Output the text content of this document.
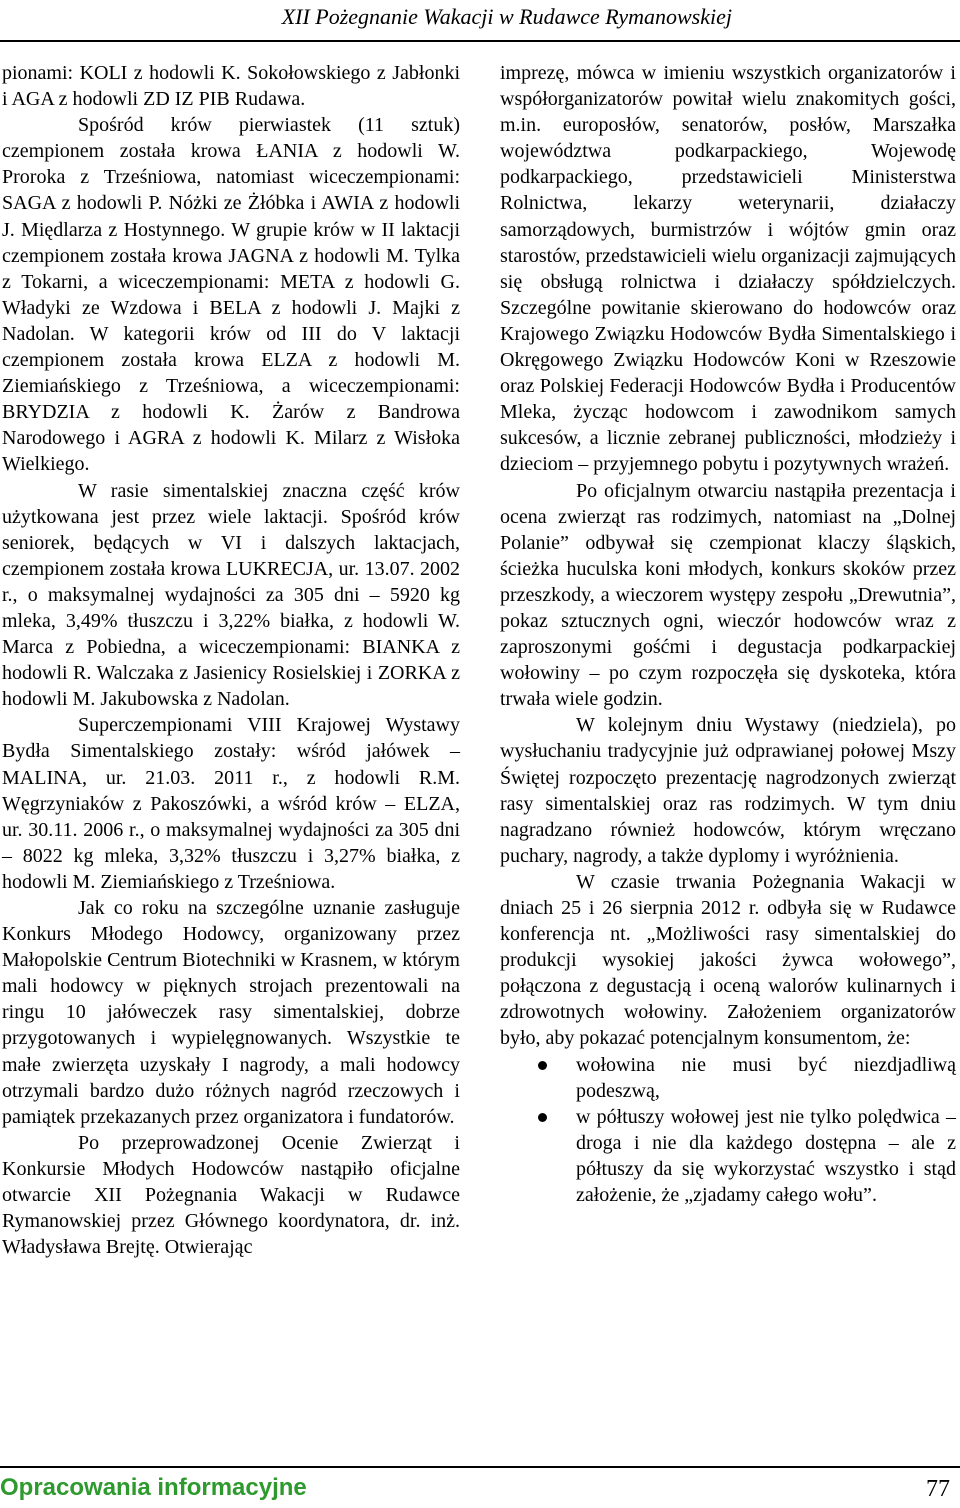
XII Pożegnanie Wakacji w Rudawce Rymanowskiej

pionami: KOLI z hodowli K. Sokołowskiego z Jabłonki i AGA z hodowli ZD IZ PIB Rudawa.

Spośród krów pierwiastek (11 sztuk) czempionem została krowa ŁANIA z hodowli W. Proroka z Trześniowa, natomiast wiceczempionami: SAGA z hodowli P. Nóżki ze Żłóbka i AWIA z hodowli J. Międlarza z Hostynnego. W grupie krów w II laktacji czempionem została krowa JAGNA z hodowli M. Tylka z Tokarni, a wiceczempionami: META z hodowli G. Władyki ze Wzdowa i BELA z hodowli J. Majki z Nadolan. W kategorii krów od III do V laktacji czempionem została krowa ELZA z hodowli M. Ziemiańskiego z Trześniowa, a wiceczempionami: BRYDZIA z hodowli K. Żarów z Bandrowa Narodowego i AGRA z hodowli K. Milarz z Wisłoka Wielkiego.

W rasie simentalskiej znaczna część krów użytkowana jest przez wiele laktacji. Spośród krów seniorek, będących w VI i dalszych laktacjach, czempionem została krowa LUKRECJA, ur. 13.07. 2002 r., o maksymalnej wydajności za 305 dni – 5920 kg mleka, 3,49% tłuszczu i 3,22% białka, z hodowli W. Marca z Pobiedna, a wiceczempionami: BIANKA z hodowli R. Walczaka z Jasienicy Rosielskiej i ZORKA z hodowli M. Jakubowska z Nadolan.

Superczempionami VIII Krajowej Wystawy Bydła Simentalskiego zostały: wśród jałówek – MALINA, ur. 21.03. 2011 r., z hodowli R.M. Węgrzyniaków z Pakoszówki, a wśród krów – ELZA, ur. 30.11. 2006 r., o maksymalnej wydajności za 305 dni – 8022 kg mleka, 3,32% tłuszczu i 3,27% białka, z hodowli M. Ziemiańskiego z Trześniowa.

Jak co roku na szczególne uznanie zasługuje Konkurs Młodego Hodowcy, organizowany przez Małopolskie Centrum Biotechniki w Krasnem, w którym mali hodowcy w pięknych strojach prezentowali na ringu 10 jałóweczek rasy simentalskiej, dobrze przygotowanych i wypielęgnowanych. Wszystkie te małe zwierzęta uzyskały I nagrody, a mali hodowcy otrzymali bardzo dużo różnych nagród rzeczowych i pamiątek przekazanych przez organizatora i fundatorów.

Po przeprowadzonej Ocenie Zwierząt i Konkursie Młodych Hodowców nastąpiło oficjalne otwarcie XII Pożegnania Wakacji w Rudawce Rymanowskiej przez Głównego koordynatora, dr. inż. Władysława Brejtę. Otwierając

imprezę, mówca w imieniu wszystkich organizatorów i współorganizatorów powitał wielu znakomitych gości, m.in. europosłów, senatorów, posłów, Marszałka województwa podkarpackiego, Wojewodę podkarpackiego, przedstawicieli Ministerstwa Rolnictwa, lekarzy weterynarii, działaczy samorządowych, burmistrzów i wójtów gmin oraz starostów, przedstawicieli wielu organizacji zajmujących się obsługą rolnictwa i działaczy spółdzielczych. Szczególne powitanie skierowano do hodowców oraz Krajowego Związku Hodowców Bydła Simentalskiego i Okręgowego Związku Hodowców Koni w Rzeszowie oraz Polskiej Federacji Hodowców Bydła i Producentów Mleka, życząc hodowcom i zawodnikom samych sukcesów, a licznie zebranej publiczności, młodzieży i dzieciom – przyjemnego pobytu i pozytywnych wrażeń.

Po oficjalnym otwarciu nastąpiła prezentacja i ocena zwierząt ras rodzimych, natomiast na „Dolnej Polanie” odbywał się czempionat klaczy śląskich, ścieżka huculska koni młodych, konkurs skoków przez przeszkody, a wieczorem występy zespołu „Drewutnia”, pokaz sztucznych ogni, wieczór hodowców wraz z zaproszonymi gośćmi i degustacja podkarpackiej wołowiny – po czym rozpoczęła się dyskoteka, która trwała wiele godzin.

W kolejnym dniu Wystawy (niedziela), po wysłuchaniu tradycyjnie już odprawianej połowej Mszy Świętej rozpoczęto prezentację nagrodzonych zwierząt rasy simentalskiej oraz ras rodzimych. W tym dniu nagradzano również hodowców, którym wręczano puchary, nagrody, a także dyplomy i wyróżnienia.

W czasie trwania Pożegnania Wakacji w dniach 25 i 26 sierpnia 2012 r. odbyła się w Rudawce konferencja nt. „Możliwości rasy simentalskiej do produkcji wysokiej jakości żywca wołowego”, połączona z degustacją i oceną walorów kulinarnych i zdrowotnych wołowiny. Założeniem organizatorów było, aby pokazać potencjalnym konsumentom, że:

wołowina nie musi być niezdjadliwą podeszwą,
w półtuszy wołowej jest nie tylko polędwica – droga i nie dla każdego dostępna – ale z półtuszy da się wykorzystać wszystko i stąd założenie, że „zjadamy całego wołu”.
Opracowania informacyjne	77
